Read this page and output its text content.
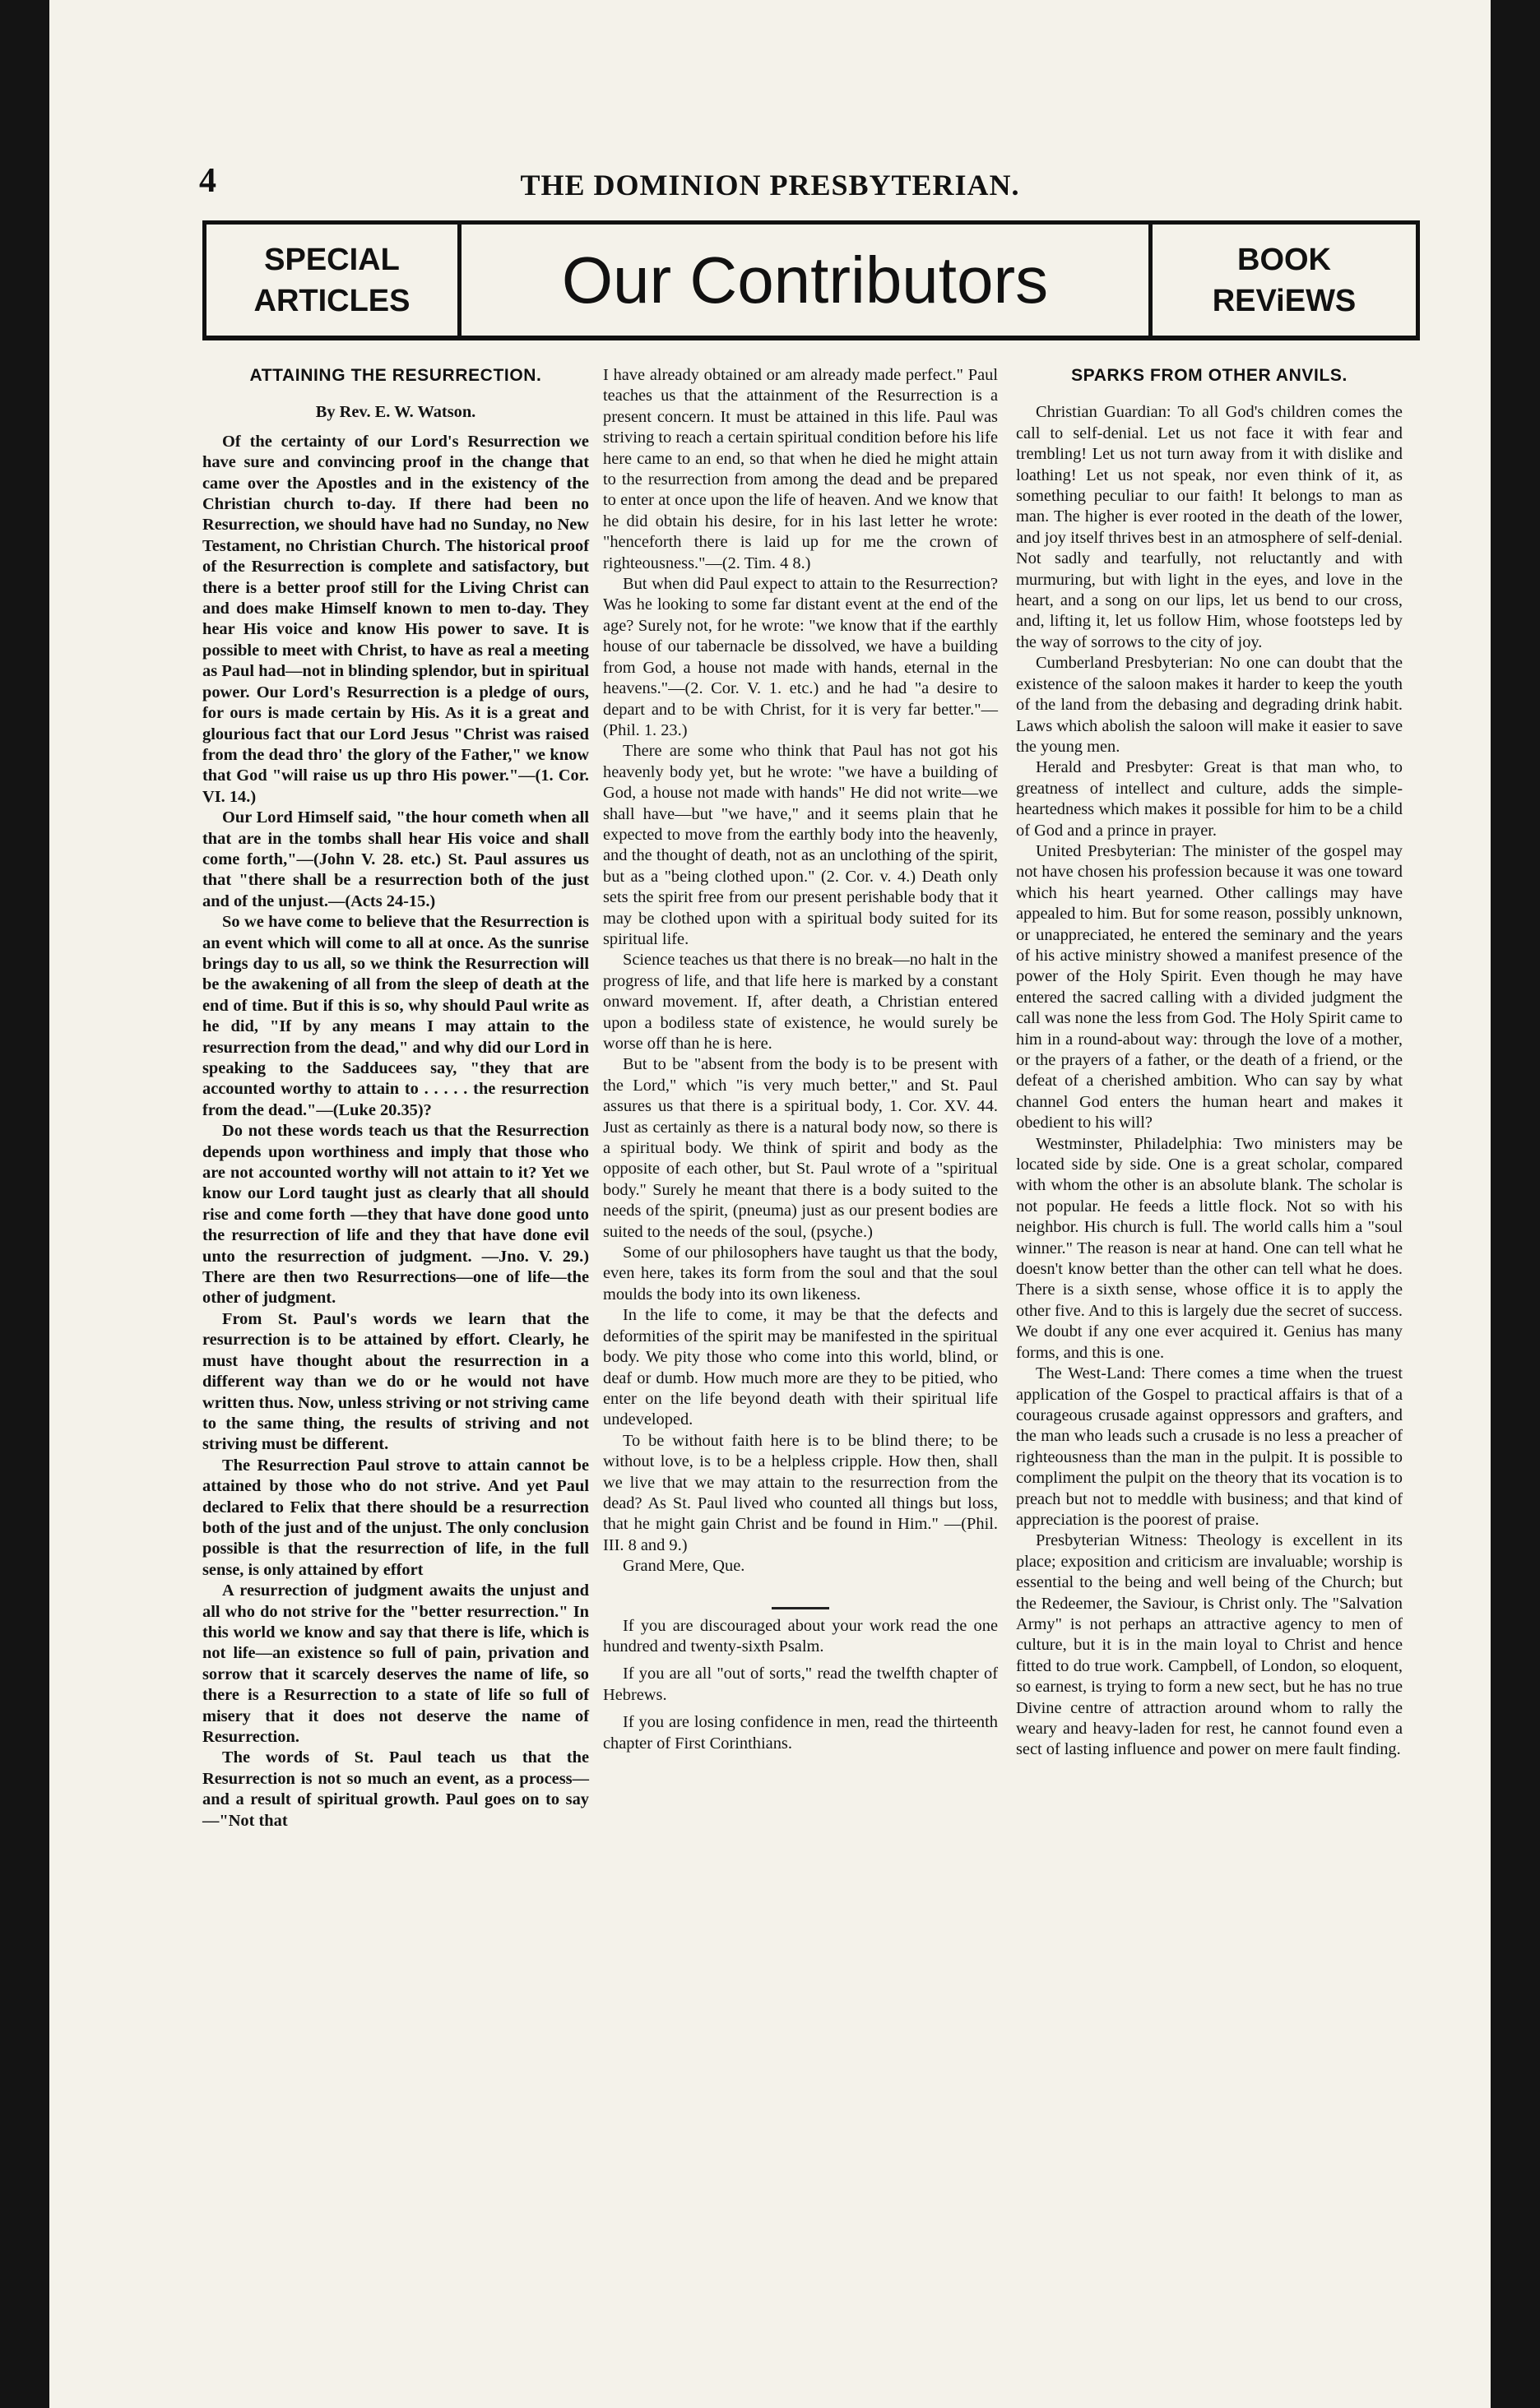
4	THE DOMINION PRESBYTERIAN.
SPECIAL
ARTICLES	Our Contributors	BOOK
REViEWS
ATTAINING THE RESURRECTION.
By Rev. E. W. Watson.

Of the certainty of our Lord's Resurrection we have sure and convincing proof in the change that came over the Apostles and in the existency of the Christian church to-day. If there had been no Resurrection, we should have had no Sunday, no New Testament, no Christian Church. The historical proof of the Resurrection is complete and satisfactory, but there is a better proof still for the Living Christ can and does make Himself known to men to-day. They hear His voice and know His power to save. It is possible to meet with Christ, to have as real a meeting as Paul had—not in blinding splendor, but in spiritual power. Our Lord's Resurrection is a pledge of ours, for ours is made certain by His. As it is a great and glourious fact that our Lord Jesus "Christ was raised from the dead thro' the glory of the Father," we know that God "will raise us up thro His power."—(1. Cor. VI. 14.)

Our Lord Himself said, "the hour cometh when all that are in the tombs shall hear His voice and shall come forth,"—(John V. 28. etc.) St. Paul assures us that "there shall be a resurrection both of the just and of the unjust.—(Acts 24-15.)

So we have come to believe that the Resurrection is an event which will come to all at once. As the sunrise brings day to us all, so we think the Resurrection will be the awakening of all from the sleep of death at the end of time. But if this is so, why should Paul write as he did, "If by any means I may attain to the resurrection from the dead," and why did our Lord in speaking to the Sadducees say, "they that are accounted worthy to attain to . . . . . the resurrection from the dead."—(Luke 20.35)?

Do not these words teach us that the Resurrection depends upon worthiness and imply that those who are not accounted worthy will not attain to it? Yet we know our Lord taught just as clearly that all should rise and come forth —they that have done good unto the resurrection of life and they that have done evil unto the resurrection of judgment. —Jno. V. 29.) There are then two Resurrections—one of life—the other of judgment.

From St. Paul's words we learn that the resurrection is to be attained by effort. Clearly, he must have thought about the resurrection in a different way than we do or he would not have written thus. Now, unless striving or not striving came to the same thing, the results of striving and not striving must be different.

The Resurrection Paul strove to attain cannot be attained by those who do not strive. And yet Paul declared to Felix that there should be a resurrection both of the just and of the unjust. The only conclusion possible is that the resurrection of life, in the full sense, is only attained by effort

A resurrection of judgment awaits the unjust and all who do not strive for the "better resurrection." In this world we know and say that there is life, which is not life—an existence so full of pain, privation and sorrow that it scarcely deserves the name of life, so there is a Resurrection to a state of life so full of misery that it does not deserve the name of Resurrection.

The words of St. Paul teach us that the Resurrection is not so much an event, as a process—and a result of spiritual growth. Paul goes on to say—"Not that

I have already obtained or am already made perfect." Paul teaches us that the attainment of the Resurrection is a present concern. It must be attained in this life. Paul was striving to reach a certain spiritual condition before his life here came to an end, so that when he died he might attain to the resurrection from among the dead and be prepared to enter at once upon the life of heaven. And we know that he did obtain his desire, for in his last letter he wrote: "henceforth there is laid up for me the crown of righteousness."—(2. Tim. 4 8.)

But when did Paul expect to attain to the Resurrection? Was he looking to some far distant event at the end of the age? Surely not, for he wrote: "we know that if the earthly house of our tabernacle be dissolved, we have a building from God, a house not made with hands, eternal in the heavens."—(2. Cor. V. 1. etc.) and he had "a desire to depart and to be with Christ, for it is very far better."—(Phil. 1. 23.)

There are some who think that Paul has not got his heavenly body yet, but he wrote: "we have a building of God, a house not made with hands" He did not write—we shall have—but "we have," and it seems plain that he expected to move from the earthly body into the heavenly, and the thought of death, not as an unclothing of the spirit, but as a "being clothed upon." (2. Cor. v. 4.) Death only sets the spirit free from our present perishable body that it may be clothed upon with a spiritual body suited for its spiritual life.

Science teaches us that there is no break—no halt in the progress of life, and that life here is marked by a constant onward movement. If, after death, a Christian entered upon a bodiless state of existence, he would surely be worse off than he is here.

But to be "absent from the body is to be present with the Lord," which "is very much better," and St. Paul assures us that there is a spiritual body, 1. Cor. XV. 44. Just as certainly as there is a natural body now, so there is a spiritual body. We think of spirit and body as the opposite of each other, but St. Paul wrote of a "spiritual body." Surely he meant that there is a body suited to the needs of the spirit, (pneuma) just as our present bodies are suited to the needs of the soul, (psyche.)

Some of our philosophers have taught us that the body, even here, takes its form from the soul and that the soul moulds the body into its own likeness.

In the life to come, it may be that the defects and deformities of the spirit may be manifested in the spiritual body. We pity those who come into this world, blind, or deaf or dumb. How much more are they to be pitied, who enter on the life beyond death with their spiritual life undeveloped.

To be without faith here is to be blind there; to be without love, is to be a helpless cripple. How then, shall we live that we may attain to the resurrection from the dead? As St. Paul lived who counted all things but loss, that he might gain Christ and be found in Him." —(Phil. III. 8 and 9.)

Grand Mere, Que.

If you are discouraged about your work read the one hundred and twenty-sixth Psalm.

If you are all "out of sorts," read the twelfth chapter of Hebrews.

If you are losing confidence in men, read the thirteenth chapter of First Corinthians.

SPARKS FROM OTHER ANVILS.

Christian Guardian: To all God's children comes the call to self-denial. Let us not face it with fear and trembling! Let us not turn away from it with dislike and loathing! Let us not speak, nor even think of it, as something peculiar to our faith! It belongs to man as man. The higher is ever rooted in the death of the lower, and joy itself thrives best in an atmosphere of self-denial. Not sadly and tearfully, not reluctantly and with murmuring, but with light in the eyes, and love in the heart, and a song on our lips, let us bend to our cross, and, lifting it, let us follow Him, whose footsteps led by the way of sorrows to the city of joy.

Cumberland Presbyterian: No one can doubt that the existence of the saloon makes it harder to keep the youth of the land from the debasing and degrading drink habit. Laws which abolish the saloon will make it easier to save the young men.

Herald and Presbyter: Great is that man who, to greatness of intellect and culture, adds the simple-heartedness which makes it possible for him to be a child of God and a prince in prayer.

United Presbyterian: The minister of the gospel may not have chosen his profession because it was one toward which his heart yearned. Other callings may have appealed to him. But for some reason, possibly unknown, or unappreciated, he entered the seminary and the years of his active ministry showed a manifest presence of the power of the Holy Spirit. Even though he may have entered the sacred calling with a divided judgment the call was none the less from God. The Holy Spirit came to him in a round-about way: through the love of a mother, or the prayers of a father, or the death of a friend, or the defeat of a cherished ambition. Who can say by what channel God enters the human heart and makes it obedient to his will?

Westminster, Philadelphia: Two ministers may be located side by side. One is a great scholar, compared with whom the other is an absolute blank. The scholar is not popular. He feeds a little flock. Not so with his neighbor. His church is full. The world calls him a "soul winner." The reason is near at hand. One can tell what he doesn't know better than the other can tell what he does. There is a sixth sense, whose office it is to apply the other five. And to this is largely due the secret of success. We doubt if any one ever acquired it. Genius has many forms, and this is one.

The West-Land: There comes a time when the truest application of the Gospel to practical affairs is that of a courageous crusade against oppressors and grafters, and the man who leads such a crusade is no less a preacher of righteousness than the man in the pulpit. It is possible to compliment the pulpit on the theory that its vocation is to preach but not to meddle with business; and that kind of appreciation is the poorest of praise.

Presbyterian Witness: Theology is excellent in its place; exposition and criticism are invaluable; worship is essential to the being and well being of the Church; but the Redeemer, the Saviour, is Christ only. The "Salvation Army" is not perhaps an attractive agency to men of culture, but it is in the main loyal to Christ and hence fitted to do true work. Campbell, of London, so eloquent, so earnest, is trying to form a new sect, but he has no true Divine centre of attraction around whom to rally the weary and heavy-laden for rest, he cannot found even a sect of lasting influence and power on mere fault finding.
